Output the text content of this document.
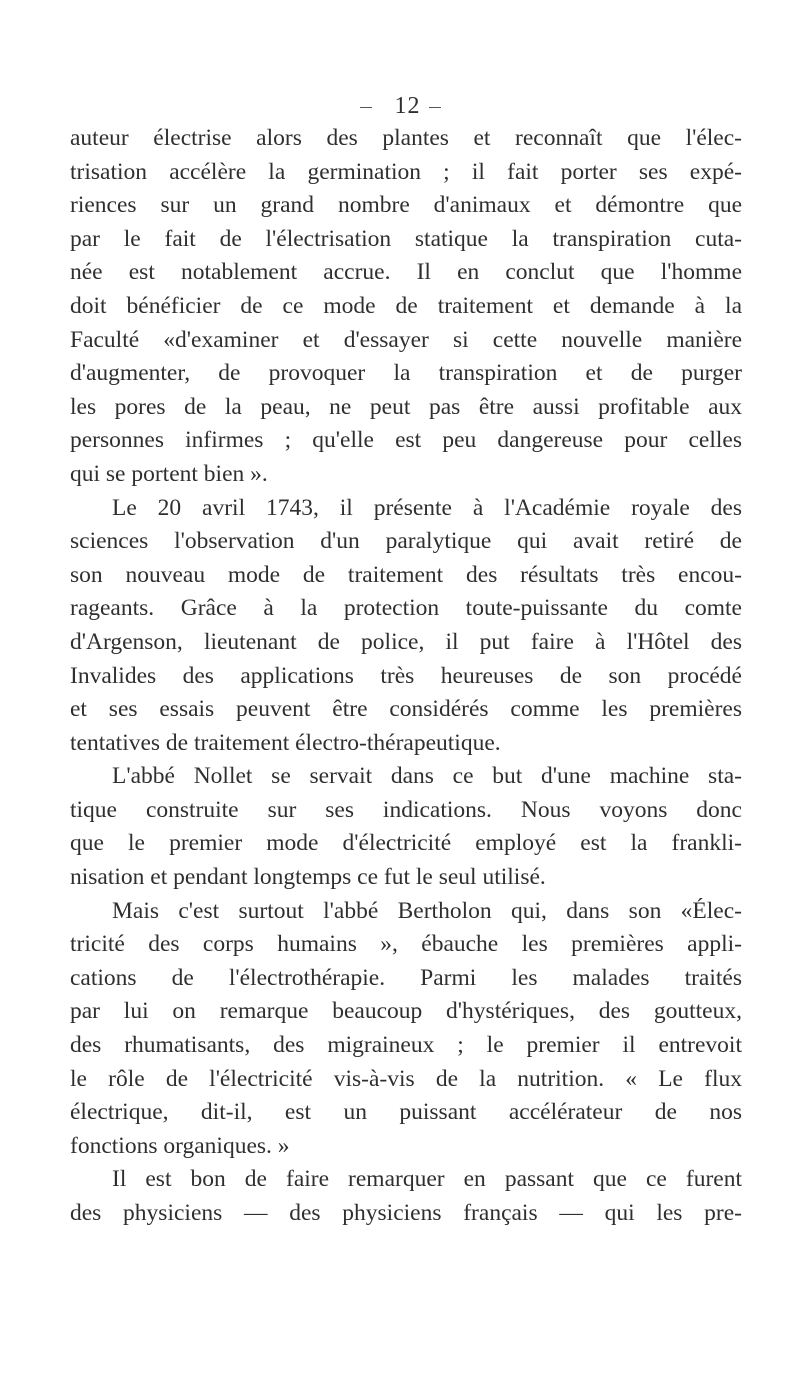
12
auteur électrise alors des plantes et reconnaît que l'élec-
trisation accélère la germination ; il fait porter ses expé-
riences sur un grand nombre d'animaux et démontre que
par le fait de l'électrisation statique la transpiration cuta-
née est notablement accrue. Il en conclut que l'homme
doit bénéficier de ce mode de traitement et demande à la
Faculté «d'examiner et d'essayer si cette nouvelle manière
d'augmenter, de provoquer la transpiration et de purger
les pores de la peau, ne peut pas être aussi profitable aux
personnes infirmes ; qu'elle est peu dangereuse pour celles
qui se portent bien ».
Le 20 avril 1743, il présente à l'Académie royale des
sciences l'observation d'un paralytique qui avait retiré de
son nouveau mode de traitement des résultats très encou-
rageants. Grâce à la protection toute-puissante du comte
d'Argenson, lieutenant de police, il put faire à l'Hôtel des
Invalides des applications très heureuses de son procédé
et ses essais peuvent être considérés comme les premières
tentatives de traitement électro-thérapeutique.
L'abbé Nollet se servait dans ce but d'une machine sta-
tique construite sur ses indications. Nous voyons donc
que le premier mode d'électricité employé est la frankli-
nisation et pendant longtemps ce fut le seul utilisé.
Mais c'est surtout l'abbé Bertholon qui, dans son «Élec-
tricité des corps humains », ébauche les premières appli-
cations de l'électrothérapie. Parmi les malades traités
par lui on remarque beaucoup d'hystériques, des goutteux,
des rhumatisants, des migraineux ; le premier il entrevoit
le rôle de l'électricité vis-à-vis de la nutrition. « Le flux
électrique, dit-il, est un puissant accélérateur de nos
fonctions organiques. »
Il est bon de faire remarquer en passant que ce furent
des physiciens — des physiciens français — qui les pre-
